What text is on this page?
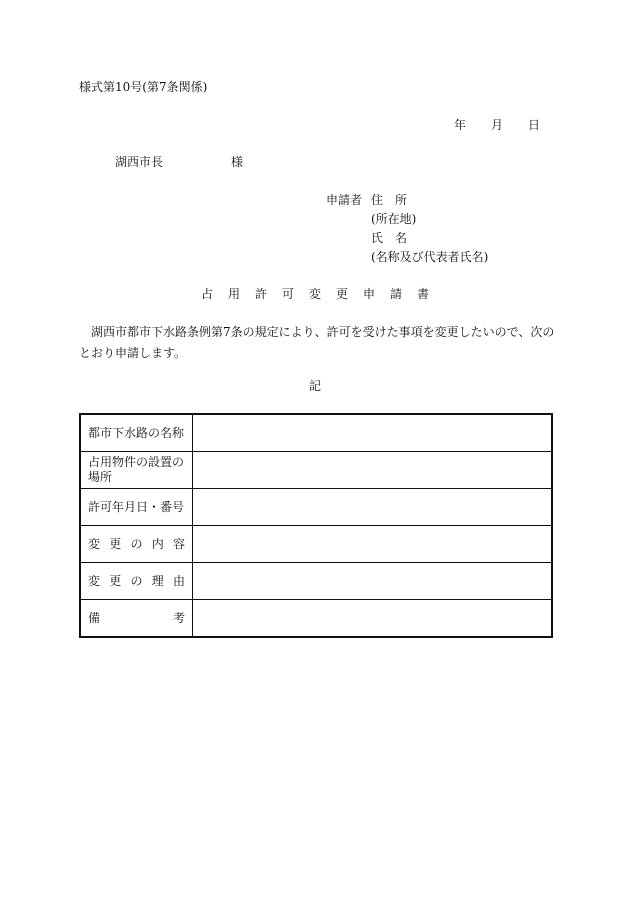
様式第10号(第7条関係)
年 月 日
湖西市長	様
申請者 住　所
(所在地)
氏　名
(名称及び代表者氏名)
占用許可変更申請書
湖西市都市下水路条例第7条の規定により、許可を受けた事項を変更したいので、次のとおり申請します。
記
都市下水路の名称	
占用物件の設置の場所	
許可年月日・番号	

変 更 の 内 容	

変 更 の 理 由	

備 考	
